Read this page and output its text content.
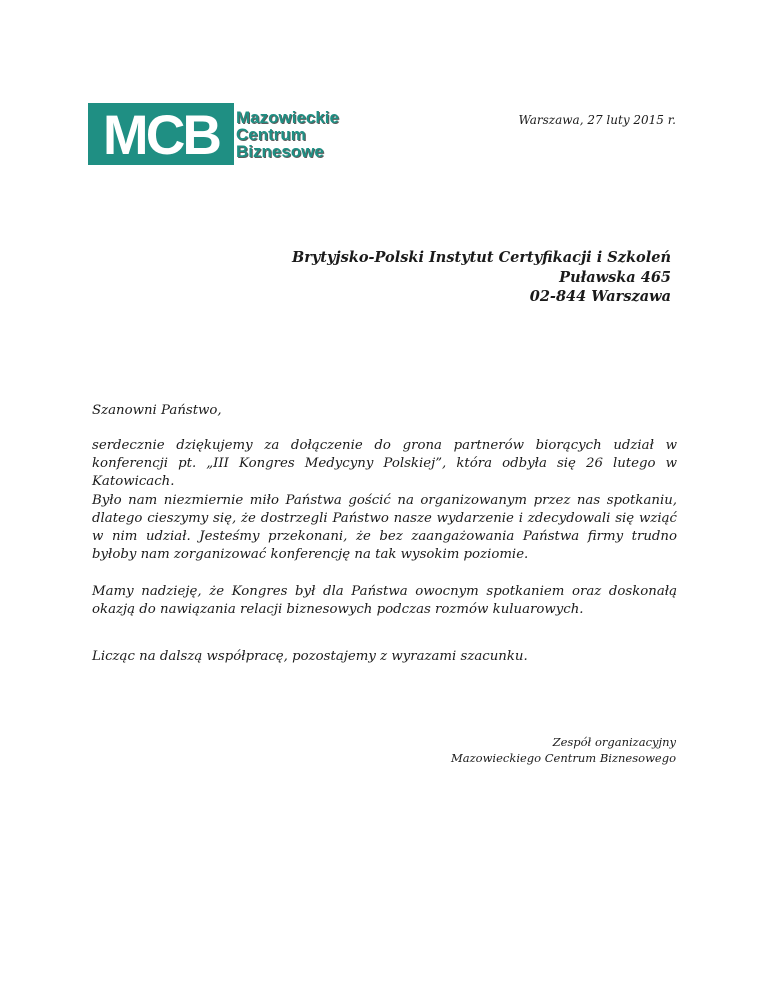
MCB Mazowieckie
Centrum
Biznesowe
Warszawa, 27 luty 2015 r.
Brytyjsko-Polski Instytut Certyfikacji i Szkoleń
Puławska 465
02-844 Warszawa
Szanowni Państwo,
serdecznie dziękujemy za dołączenie do grona partnerów biorących udział w konferencji pt. „III Kongres Medycyny Polskiej”, która odbyła się 26 lutego w Katowicach.
Było nam niezmiernie miło Państwa gościć na organizowanym przez nas spotkaniu, dlatego cieszymy się, że dostrzegli Państwo nasze wydarzenie i zdecydowali się wziąć w nim udział. Jesteśmy przekonani, że bez zaangażowania Państwa firmy trudno byłoby nam zorganizować konferencję na tak wysokim poziomie.
Mamy nadzieję, że Kongres był dla Państwa owocnym spotkaniem oraz doskonałą okazją do nawiązania relacji biznesowych podczas rozmów kuluarowych.
Licząc na dalszą współpracę, pozostajemy z wyrazami szacunku.
Zespół organizacyjny
Mazowieckiego Centrum Biznesowego
